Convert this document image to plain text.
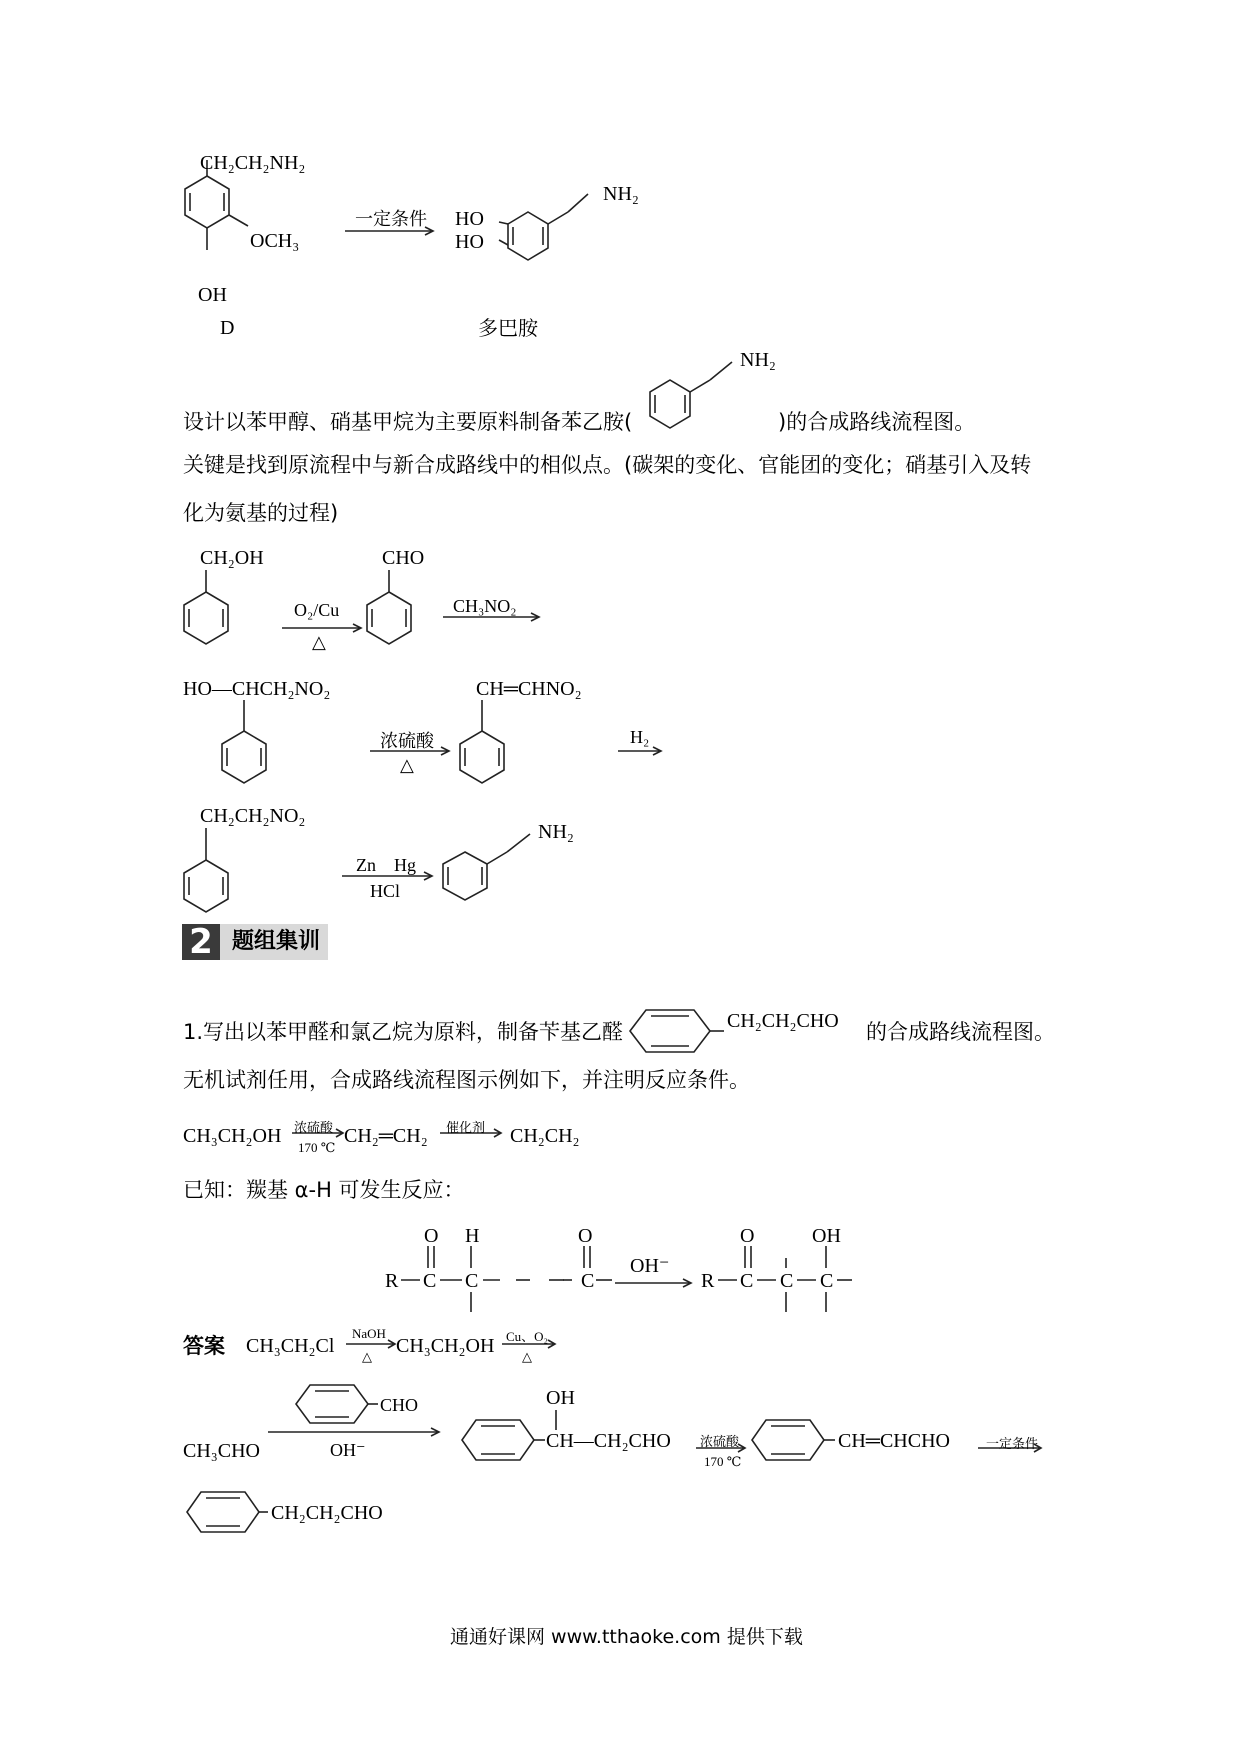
CH₂CH₂NH₂
OCH₃
OH
D
一定条件 HO
HO
NH₂
多巴胺
设计以苯甲醇、硝基甲烷为主要原料制备苯乙胺(
NH₂
)的合成路线流程图。
关键是找到原流程中与新合成路线中的相似点。(碳架的变化、官能团的变化；硝基引入及转
化为氨基的过程)
CH₂OH
O₂/Cu
△
CHO
CH₃NO₂
HO—CHCH₂NO₂
浓硫酸
△
CH═CHNO₂
H₂
CH₂CH₂NO₂
Zn　Hg
HCl
NH₂
2 题组集训
1.写出以苯甲醛和氯乙烷为原料，制备苄基乙醛	CH₂CH₂CHO 的合成路线流程图。
无机试剂任用，合成路线流程图示例如下，并注明反应条件。
CH₃CH₂OH 浓硫酸
170 ℃
CH₂═CH₂ 催化剂 CH₂CH₂
已知：羰基 α-H 可发生反应：
R C C
O H	O
C
OH⁻
R C C C
O	OH
答案 CH₃CH₂Cl
NaOH
△ CH₃CH₂OH Cu、O₂
△
CH₃CHO
CHO
OH⁻
OH
CH—CH₂CHO 浓硫酸
170 ℃
CH═CHCHO	一定条件
CH₂CH₂CHO
通通好课网 www.tthaoke.com 提供下载
